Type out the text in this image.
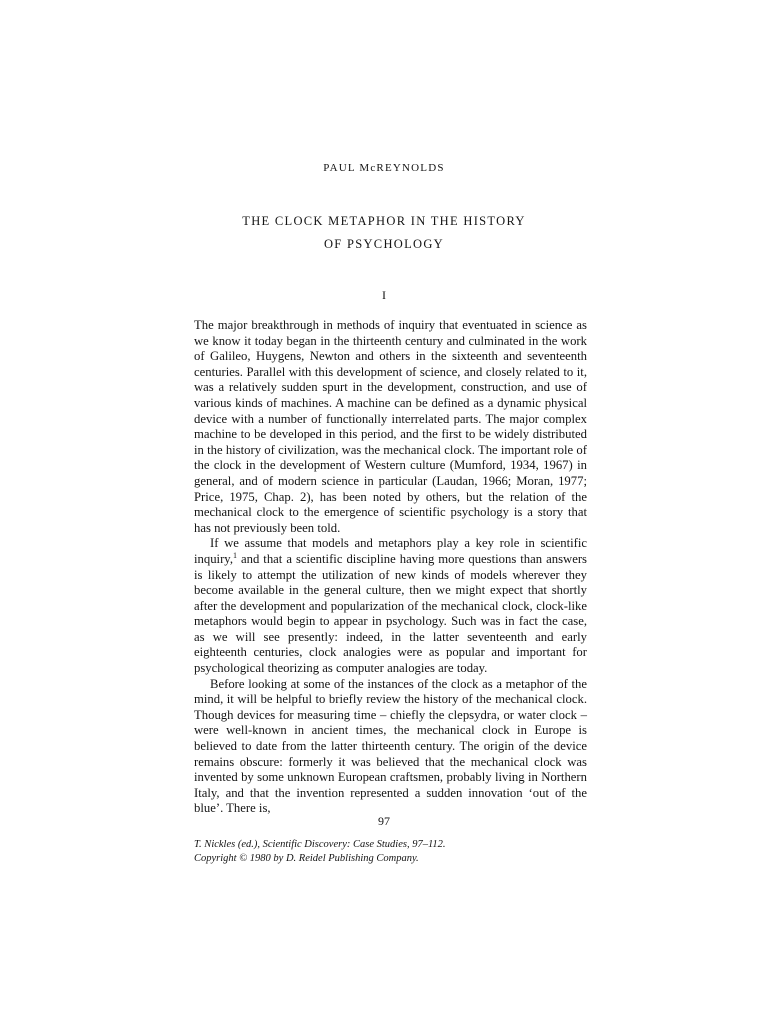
PAUL McREYNOLDS
THE CLOCK METAPHOR IN THE HISTORY
OF PSYCHOLOGY
I

The major breakthrough in methods of inquiry that eventuated in science as we know it today began in the thirteenth century and culminated in the work of Galileo, Huygens, Newton and others in the sixteenth and seventeenth centuries. Parallel with this development of science, and closely related to it, was a relatively sudden spurt in the development, construction, and use of various kinds of machines. A machine can be defined as a dynamic physical device with a number of functionally interrelated parts. The major complex machine to be developed in this period, and the first to be widely distributed in the history of civilization, was the mechanical clock. The important role of the clock in the development of Western culture (Mumford, 1934, 1967) in general, and of modern science in particular (Laudan, 1966; Moran, 1977; Price, 1975, Chap. 2), has been noted by others, but the relation of the mechanical clock to the emergence of scientific psychology is a story that has not previously been told.

If we assume that models and metaphors play a key role in scientific inquiry,$^1$ and that a scientific discipline having more questions than answers is likely to attempt the utilization of new kinds of models wherever they become available in the general culture, then we might expect that shortly after the development and popularization of the mechanical clock, clock-like metaphors would begin to appear in psychology. Such was in fact the case, as we will see presently: indeed, in the latter seventeenth and early eighteenth centuries, clock analogies were as popular and important for psychological theorizing as computer analogies are today.

Before looking at some of the instances of the clock as a metaphor of the mind, it will be helpful to briefly review the history of the mechanical clock. Though devices for measuring time – chiefly the clepsydra, or water clock – were well-known in ancient times, the mechanical clock in Europe is believed to date from the latter thirteenth century. The origin of the device remains obscure: formerly it was believed that the mechanical clock was invented by some unknown European craftsmen, probably living in Northern Italy, and that the invention represented a sudden innovation ‘out of the blue’. There is,

97
T. Nickles (ed.), Scientific Discovery: Case Studies, 97–112.
Copyright © 1980 by D. Reidel Publishing Company.
